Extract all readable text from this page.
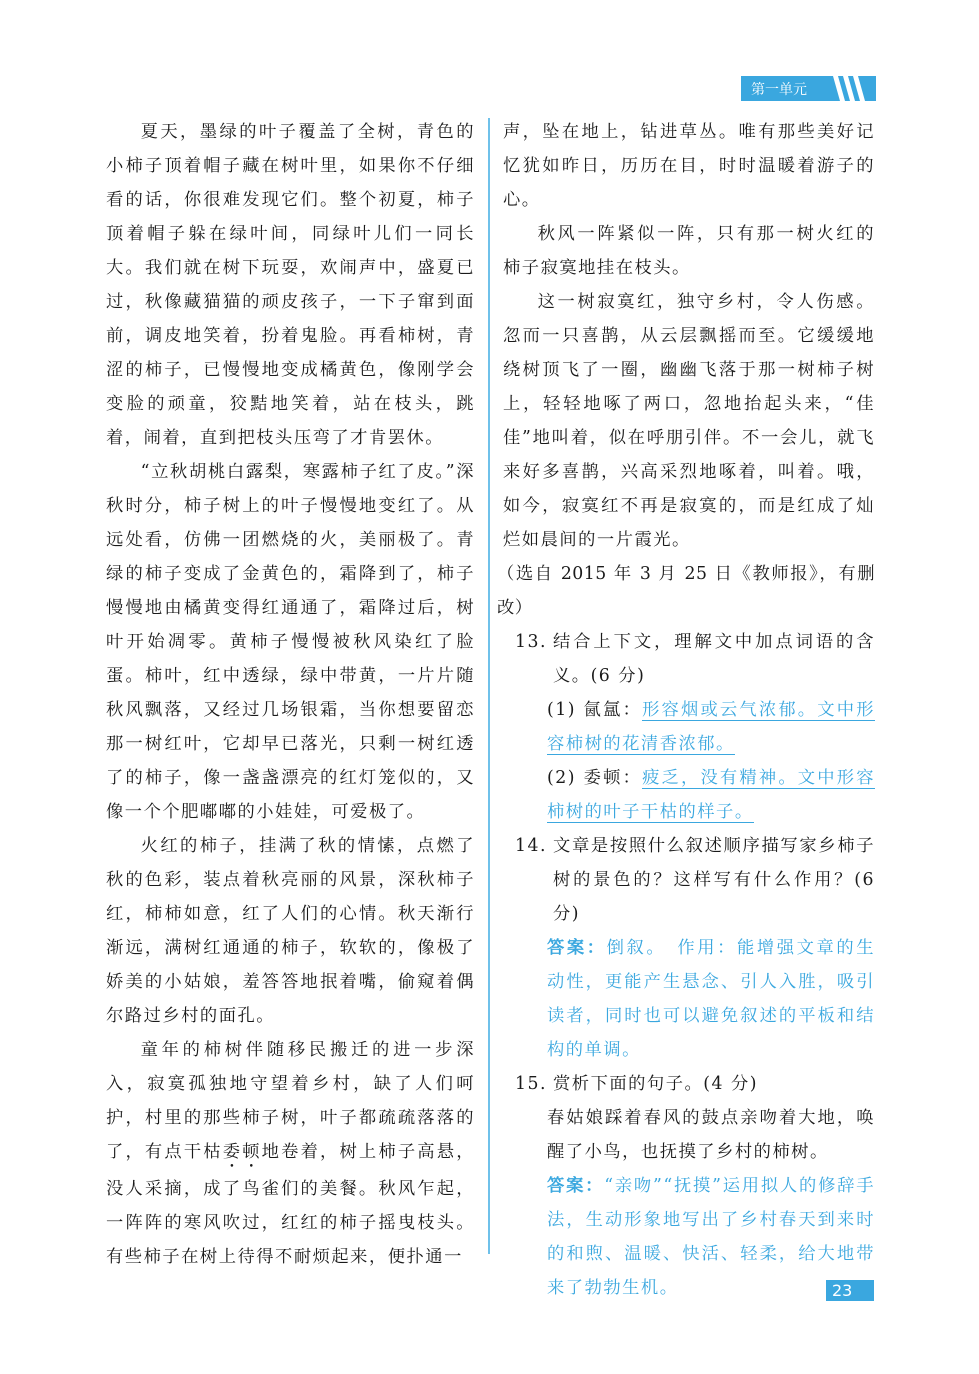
第一单元

夏天，墨绿的叶子覆盖了全树，青色的小柿子顶着帽子藏在树叶里，如果你不仔细看的话，你很难发现它们。整个初夏，柿子顶着帽子躲在绿叶间，同绿叶儿们一同长大。我们就在树下玩耍，欢闹声中，盛夏已过，秋像藏猫猫的顽皮孩子，一下子窜到面前，调皮地笑着，扮着鬼脸。再看柿树，青涩的柿子，已慢慢地变成橘黄色，像刚学会变脸的顽童，狡黠地笑着，站在枝头，跳着，闹着，直到把枝头压弯了才肯罢休。

“立秋胡桃白露梨，寒露柿子红了皮。”深秋时分，柿子树上的叶子慢慢地变红了。从远处看，仿佛一团燃烧的火，美丽极了。青绿的柿子变成了金黄色的，霜降到了，柿子慢慢地由橘黄变得红通通了，霜降过后，树叶开始凋零。黄柿子慢慢被秋风染红了脸蛋。柿叶，红中透绿，绿中带黄，一片片随秋风飘落，又经过几场银霜，当你想要留恋那一树红叶，它却早已落光，只剩一树红透了的柿子，像一盏盏漂亮的红灯笼似的，又像一个个肥嘟嘟的小娃娃，可爱极了。

火红的柿子，挂满了秋的情愫，点燃了秋的色彩，装点着秋亮丽的风景，深秋柿子红，柿柿如意，红了人们的心情。秋天渐行渐远，满树红通通的柿子，软软的，像极了娇美的小姑娘，羞答答地抿着嘴，偷窥着偶尔路过乡村的面孔。

童年的柿树伴随移民搬迁的进一步深入，寂寞孤独地守望着乡村，缺了人们呵护，村里的那些柿子树，叶子都疏疏落落的了，有点干枯委顿地卷着，树上柿子高悬，没人采摘，成了鸟雀们的美餐。秋风乍起，一阵阵的寒风吹过，红红的柿子摇曳枝头。有些柿子在树上待得不耐烦起来，便扑通一

声，坠在地上，钻进草丛。唯有那些美好记忆犹如昨日，历历在目，时时温暖着游子的心。

秋风一阵紧似一阵，只有那一树火红的柿子寂寞地挂在枝头。

这一树寂寞红，独守乡村，令人伤感。忽而一只喜鹊，从云层飘摇而至。它缓缓地绕树顶飞了一圈，幽幽飞落于那一树柿子树上，轻轻地啄了两口，忽地抬起头来，“佳佳”地叫着，似在呼朋引伴。不一会儿，就飞来好多喜鹊，兴高采烈地啄着，叫着。哦，如今，寂寞红不再是寂寞的，而是红成了灿烂如晨间的一片霞光。

（选自 2015 年 3 月 25 日《教师报》，有删改）

13. 结合上下文，理解文中加点词语的含义。(6 分)

(1) 氤氲：形容烟或云气浓郁。文中形容柿树的花清香浓郁。

(2) 委顿：疲乏，没有精神。文中形容柿树的叶子干枯的样子。

14. 文章是按照什么叙述顺序描写家乡柿子树的景色的？这样写有什么作用？(6 分)

答案：倒叙。　作用：能增强文章的生动性，更能产生悬念、引人入胜，吸引读者，同时也可以避免叙述的平板和结构的单调。

15. 赏析下面的句子。(4 分)

春姑娘踩着春风的鼓点亲吻着大地，唤醒了小鸟，也抚摸了乡村的柿树。

答案：“亲吻”“抚摸”运用拟人的修辞手法，生动形象地写出了乡村春天到来时的和煦、温暖、快活、轻柔，给大地带来了勃勃生机。	23
